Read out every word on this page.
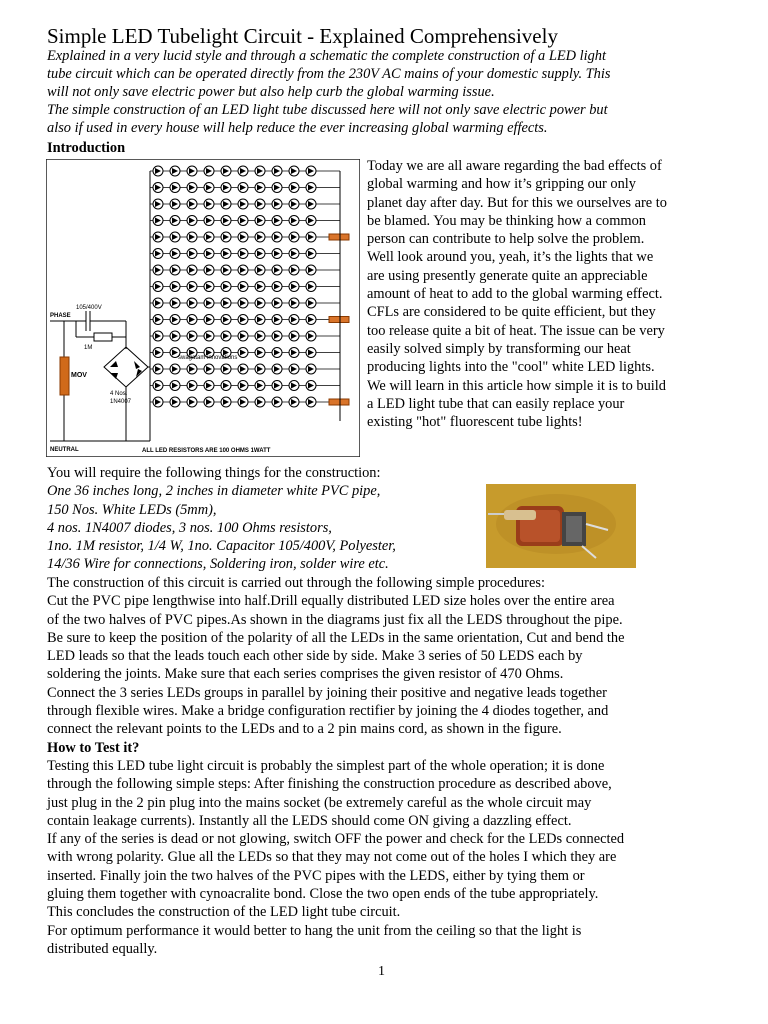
Simple LED Tubelight Circuit - Explained Comprehensively
Explained in a very lucid style and through a schematic the complete construction of a LED light
tube circuit which can be operated directly from the 230V AC mains of your domestic supply. This
will not only save electric power but also help curb the global warming issue.
The simple construction of an LED light tube discussed here will not only save electric power but
also if used in every house will help reduce the ever increasing global warming effects.
Introduction
PHASE
NEUTRAL
105/400V
1M
MOV
4 Nos.
1N4007
swagatam innovations
ALL LED RESISTORS ARE 100 OHMS 1WATT
Today we are all aware regarding the bad effects of
global warming and how it’s gripping our only
planet day after day. But for this we ourselves are to
be blamed. You may be thinking how a common
person can contribute to help solve the problem.
Well look around you, yeah, it’s the lights that we
are using presently generate quite an appreciable
amount of heat to add to the global warming effect.
CFLs are considered to be quite efficient, but they
too release quite a bit of heat. The issue can be very
easily solved simply by transforming our heat
producing lights into the "cool" white LED lights.
We will learn in this article how simple it is to build
a LED light tube that can easily replace your
existing "hot" fluorescent tube lights!
You will require the following things for the construction:
One 36 inches long, 2 inches in diameter white PVC pipe,
150 Nos. White LEDs (5mm),
4 nos. 1N4007 diodes, 3 nos. 100 Ohms resistors,
1no. 1M resistor, 1/4 W, 1no. Capacitor 105/400V, Polyester,
14/36 Wire for connections, Soldering iron, solder wire etc.
The construction of this circuit is carried out through the following simple procedures:
Cut the PVC pipe lengthwise into half.Drill equally distributed LED size holes over the entire area
of the two halves of PVC pipes.As shown in the diagrams just fix all the LEDS throughout the pipe.
Be sure to keep the position of the polarity of all the LEDs in the same orientation, Cut and bend the
LED leads so that the leads touch each other side by side. Make 3 series of 50 LEDS each by
soldering the joints. Make sure that each series comprises the given resistor of 470 Ohms.
Connect the 3 series LEDs groups in parallel by joining their positive and negative leads together
through flexible wires. Make a bridge configuration rectifier by joining the 4 diodes together, and
connect the relevant points to the LEDs and to a 2 pin mains cord, as shown in the figure.
How to Test it?
Testing this LED tube light circuit is probably the simplest part of the whole operation; it is done
through the following simple steps: After finishing the construction procedure as described above,
just plug in the 2 pin plug into the mains socket (be extremely careful as the whole circuit may
contain leakage currents). Instantly all the LEDS should come ON giving a dazzling effect.
If any of the series is dead or not glowing, switch OFF the power and check for the LEDs connected
with wrong polarity. Glue all the LEDs so that they may not come out of the holes I which they are
inserted. Finally join the two halves of the PVC pipes with the LEDS, either by tying them or
gluing them together with cynoacralite bond. Close the two open ends of the tube appropriately.
This concludes the construction of the LED light tube circuit.
For optimum performance it would better to hang the unit from the ceiling so that the light is
distributed equally.
1
